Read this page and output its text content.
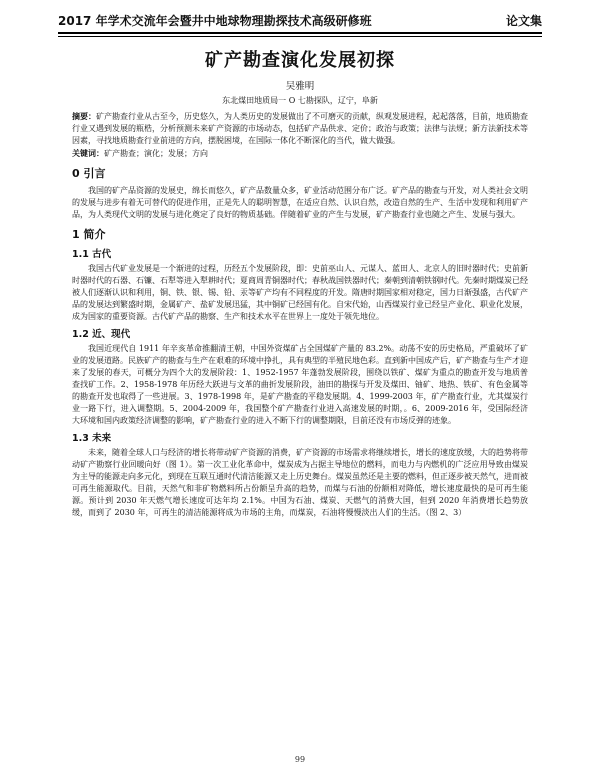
2017 年学术交流年会暨井中地球物理勘探技术高级研修班	论文集
矿产勘查演化发展初探
吴雅明
东北煤田地质局一 O 七勘探队，辽宁，阜新

摘要：矿产勘查行业从古至今，历史悠久，为人类历史的发展做出了不可磨灭的贡献，纵观发展进程，起起落落，目前，地质勘查行业又遇到发展的瓶梏，分析预测未来矿产资源的市场动态，包括矿产品供求、定价；政治与政策；法律与法规；新方法新技术等因素，寻找地质勘查行业前进的方向，摆脱困境，在国际一体化不断深化的当代，做大做强。

关键词：矿产勘查；演化；发展；方向

0 引言

我国的矿产品资源的发展史，绵长而悠久，矿产品数量众多，矿业活动范围分布广泛。矿产品的勘查与开发，对人类社会文明的发展与进步有着无可替代的促进作用，正是先人的聪明智慧，在适应自然、认识自然，改造自然的生产、生活中发现和利用矿产品，为人类现代文明的发展与进化奠定了良好的物质基础。伴随着矿业的产生与发展，矿产勘查行业也随之产生、发展与强大。

1 简介
1.1 古代

我国古代矿业发展是一个渐进的过程，历经五个发展阶段，即：史前巫山人、元谋人、蓝田人、北京人的旧时器时代；史前新时器时代的石器、石镰、石犁等进入犁耕时代；夏商周青铜器时代；春秋战国铁器时代；秦朝到清朝铁钢时代。先秦时期煤炭已经被人们逐渐认识和利用，铜、铁、银、锡、铅、汞等矿产均有不同程度的开发。隋唐时期国家相对稳定，国力日渐强盛，古代矿产品的发展达到繁盛时期，金属矿产、盐矿发展迅猛，其中铜矿已经国有化。自宋代始，山西煤炭行业已经呈产业化、职业化发展，成为国家的重要资源。古代矿产品的勘察、生产和技术水平在世界上一度处于领先地位。

1.2 近、现代

我国近现代自 1911 年辛亥革命推翻清王朝，中国外资煤矿占全国煤矿产量的 83.2%。动荡不安的历史格局，严重破坏了矿业的发展道路。民族矿产的勘查与生产在艰难的环境中挣扎，具有典型的半殖民地色彩。直到新中国成产后，矿产勘查与生产才迎来了发展的春天，可概分为四个大的发展阶段：1、1952-1957 年蓬勃发展阶段，围绕以铁矿、煤矿为重点的勘查开发与地质普查找矿工作。2、1958-1978 年历经大跃进与文革的曲折发展阶段，油田的勘探与开发及煤田、铀矿、地热、铁矿、有色金属等的勘查开发也取得了一些进展。3、1978-1998 年，是矿产勘查的平稳发展期。4、1999-2003 年，矿产勘查行业，尤其煤炭行业一路下行，进入调整期。5、2004-2009 年，我国整个矿产勘查行业进入高速发展的时期，。6、2009-2016 年，受国际经济大环境和国内政策经济调整的影响，矿产勘查行业的进入不断下行的调整期限，目前还没有市场反弹的迹象。

1.3 未来

未来，随着全球人口与经济的增长将带动矿产资源的消费，矿产资源的市场需求将继续增长，增长的速度放缓，大的趋势将带动矿产勘察行业回暖向好（图 1）。第一次工业化革命中，煤炭成为占据主导地位的燃料，而电力与内燃机的广泛应用导致由煤炭为主导的能源走向多元化，到现在互联互通时代清洁能源又走上历史舞台。煤炭虽然还是主要的燃料，但正逐步被天然气，进而被可再生能源取代。目前，天然气和非矿物燃料所占份额呈升高的趋势，而煤与石油的份额相对降低，增长速度最快的是可再生能源。预计到 2030 年天燃气增长速度可达年均 2.1%。中国为石油、煤炭、天燃气的消费大国，但到 2020 年消费增长趋势放缓，而到了 2030 年，可再生的清洁能源将成为市场的主角，而煤炭，石油将慢慢淡出人们的生活。（图 2、3）

99
